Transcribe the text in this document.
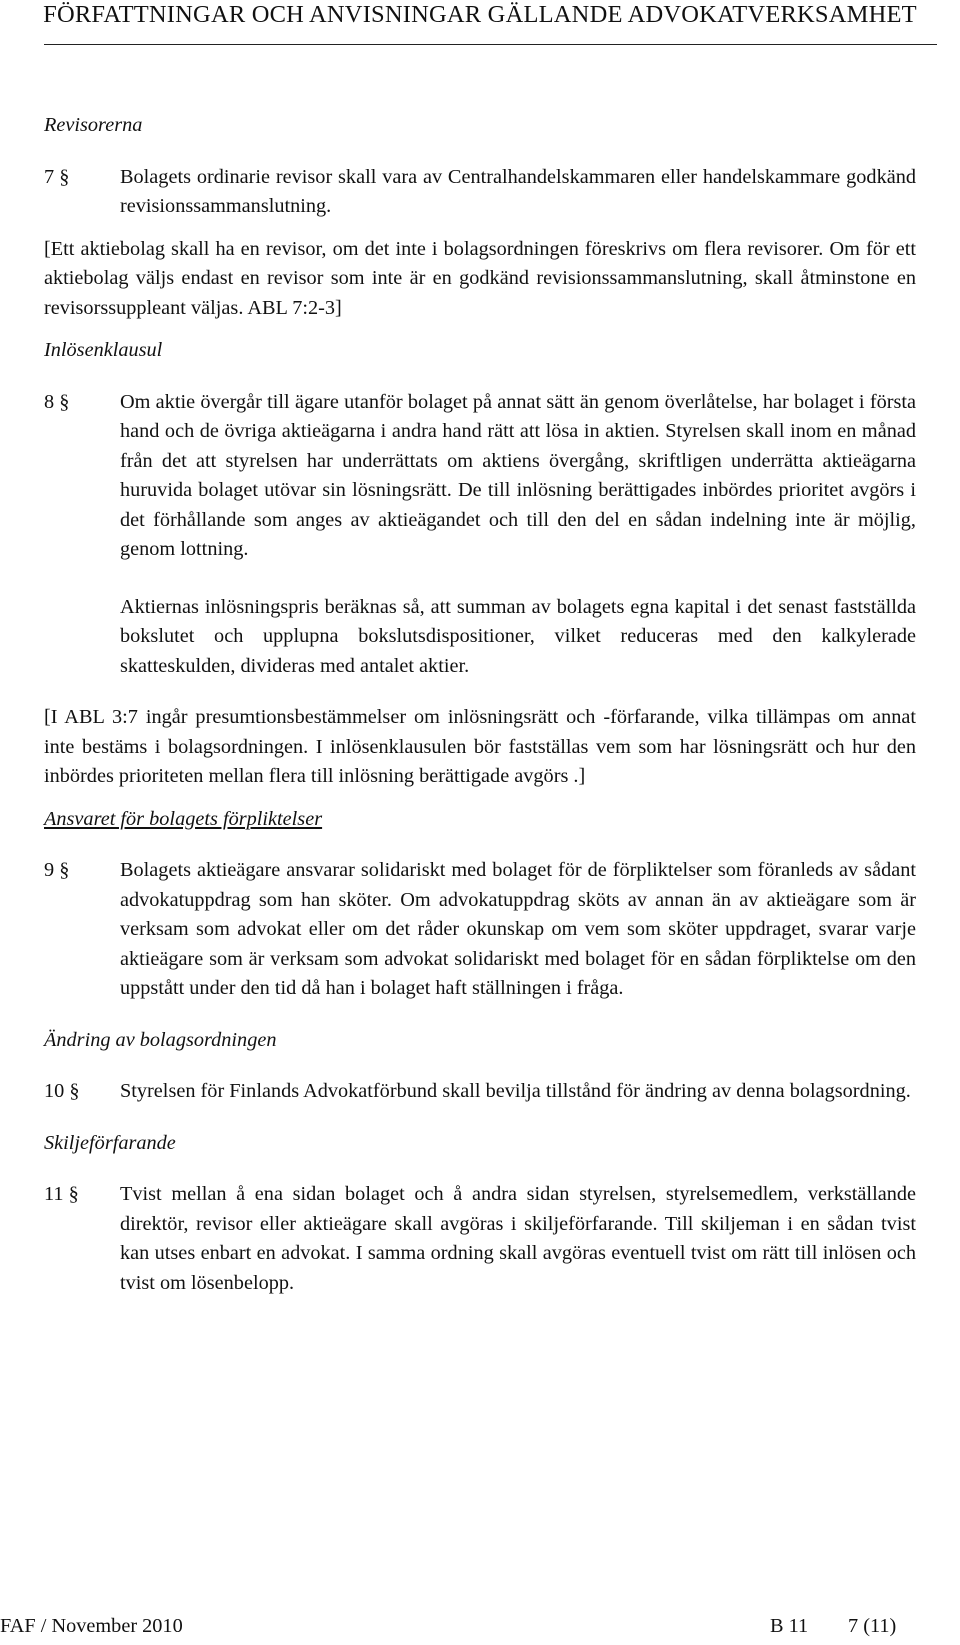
FÖRFATTNINGAR OCH ANVISNINGAR GÄLLANDE ADVOKATVERKSAMHET

Revisorerna

7 §	Bolagets ordinarie revisor skall vara av Centralhandelskammaren eller handelskammare godkänd revisionssammanslutning.

[Ett aktiebolag skall ha en revisor, om det inte i bolagsordningen föreskrivs om flera revisorer. Om för ett aktiebolag väljs endast en revisor som inte är en godkänd revisionssammanslutning, skall åtminstone en revisorssuppleant väljas. ABL 7:2-3]

Inlösenklausul

8 §	Om aktie övergår till ägare utanför bolaget på annat sätt än genom överlåtelse, har bolaget i första hand och de övriga aktieägarna i andra hand rätt att lösa in aktien. Styrelsen skall inom en månad från det att styrelsen har underrättats om aktiens övergång, skriftligen underrätta aktieägarna huruvida bolaget utövar sin lösningsrätt. De till inlösning berättigades inbördes prioritet avgörs i det förhållande som anges av aktieägandet och till den del en sådan indelning inte är möjlig, genom lottning.

Aktiernas inlösningspris beräknas så, att summan av bolagets egna kapital i det senast fastställda bokslutet och upplupna bokslutsdispositioner, vilket reduceras med den kalkylerade skatteskulden, divideras med antalet aktier.

[I ABL 3:7 ingår presumtionsbestämmelser om inlösningsrätt och -förfarande, vilka tillämpas om annat inte bestäms i bolagsordningen. I inlösenklausulen bör fastställas vem som har lösningsrätt och hur den inbördes prioriteten mellan flera till inlösning berättigade avgörs .]

Ansvaret för bolagets förpliktelser

9 §	Bolagets aktieägare ansvarar solidariskt med bolaget för de förpliktelser som föranleds av sådant advokatuppdrag som han sköter. Om advokatuppdrag sköts av annan än av aktieägare som är verksam som advokat eller om det råder okunskap om vem som sköter uppdraget, svarar varje aktieägare som är verksam som advokat solidariskt med bolaget för en sådan förpliktelse om den uppstått under den tid då han i bolaget haft ställningen i fråga.

Ändring av bolagsordningen

10 §	Styrelsen för Finlands Advokatförbund skall bevilja tillstånd för ändring av denna bolagsordning.

Skiljeförfarande

11 §	Tvist mellan å ena sidan bolaget och å andra sidan styrelsen, styrelsemedlem, verkställande direktör, revisor eller aktieägare skall avgöras i skiljeförfarande. Till skiljeman i en sådan tvist kan utses enbart en advokat. I samma ordning skall avgöras eventuell tvist om rätt till inlösen och tvist om lösenbelopp.

FAF / November 2010	B 11 7 (11)
